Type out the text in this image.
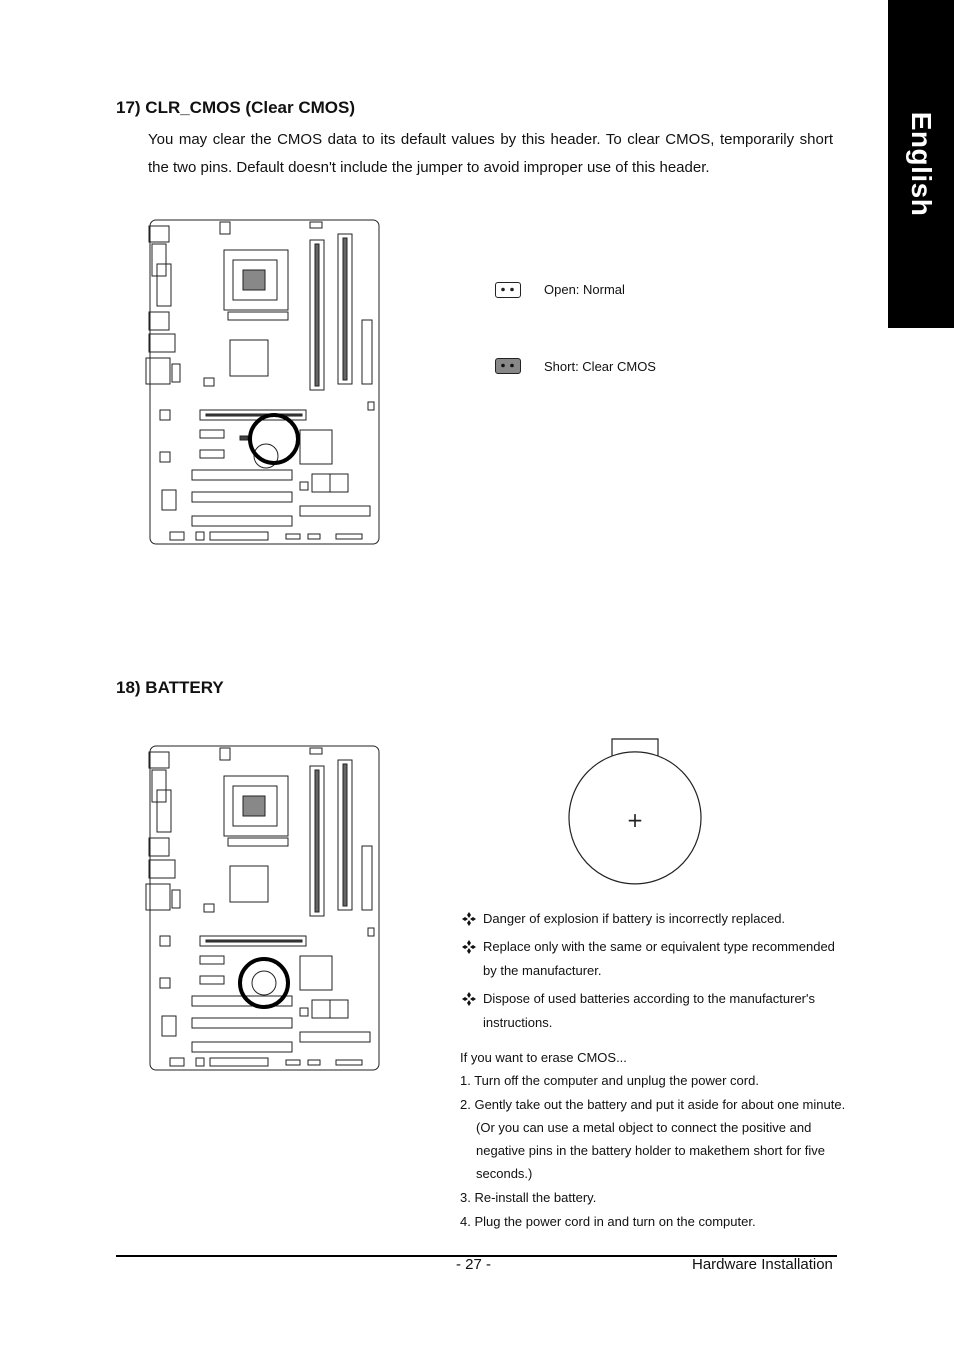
English
17) CLR_CMOS (Clear CMOS)
You may clear the CMOS data to its default values by this header. To clear CMOS, temporarily short the two pins. Default doesn't include the jumper to avoid improper use of this header.
Open: Normal
Short: Clear CMOS
18) BATTERY
+
Danger of explosion if battery is incorrectly replaced.
Replace only with the same or equivalent type recommended by the manufacturer.
Dispose of used batteries according to the manufacturer's instructions.
If you want to erase CMOS...
1. Turn off the computer and unplug the power cord.
2. Gently take out the battery and put it aside for about one minute.
(Or you can use a metal object to connect the positive and
negative pins in the battery holder to makethem short for five
seconds.)
3. Re-install the battery.
4. Plug the power cord in and turn on the computer.
- 27 -	Hardware Installation
